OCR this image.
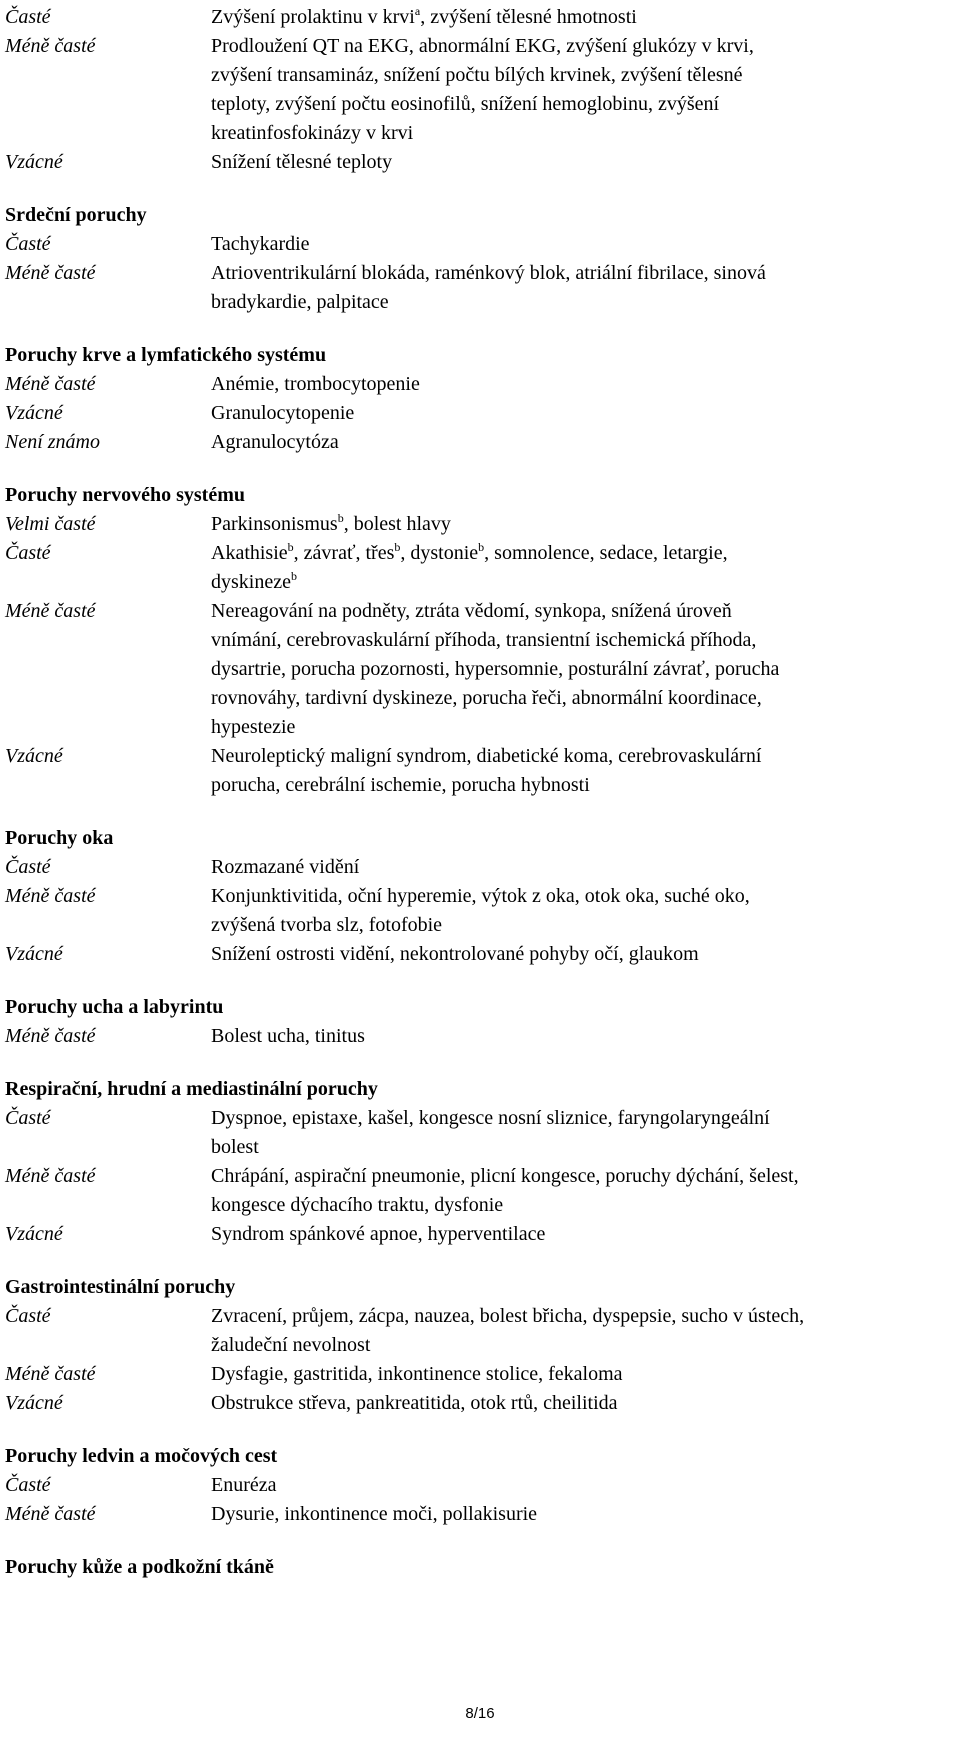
Časté	Zvýšení prolaktinu v krvi$^a$, zvýšení tělesné hmotnosti
Méně časté	Prodloužení QT na EKG, abnormální EKG, zvýšení glukózy v krvi,
zvýšení transamináz, snížení počtu bílých krvinek, zvýšení tělesné
teploty, zvýšení počtu eosinofilů, snížení hemoglobinu, zvýšení
kreatinfosfokinázy v krvi
Vzácné	Snížení tělesné teploty
Srdeční poruchy
Časté	Tachykardie
Méně časté	Atrioventrikulární blokáda, raménkový blok, atriální fibrilace, sinová
bradykardie, palpitace
Poruchy krve a lymfatického systému
Méně časté	Anémie, trombocytopenie
Vzácné	Granulocytopenie
Není známo	Agranulocytóza
Poruchy nervového systému
Velmi časté	Parkinsonismus$^b$, bolest hlavy
Časté	Akathisie$^b$, závrať, třes$^b$, dystonie$^b$, somnolence, sedace, letargie,
dyskineze$^b$
Méně časté	Nereagování na podněty, ztráta vědomí, synkopa, snížená úroveň
vnímání, cerebrovaskulární příhoda, transientní ischemická příhoda,
dysartrie, porucha pozornosti, hypersomnie, posturální závrať, porucha
rovnováhy, tardivní dyskineze, porucha řeči, abnormální koordinace,
hypestezie
Vzácné	Neuroleptický maligní syndrom, diabetické koma, cerebrovaskulární
porucha, cerebrální ischemie, porucha hybnosti
Poruchy oka
Časté	Rozmazané vidění
Méně časté	Konjunktivitida, oční hyperemie, výtok z oka, otok oka, suché oko,
zvýšená tvorba slz, fotofobie
Vzácné	Snížení ostrosti vidění, nekontrolované pohyby očí, glaukom
Poruchy ucha a labyrintu
Méně časté	Bolest ucha, tinitus
Respirační, hrudní a mediastinální poruchy
Časté	Dyspnoe, epistaxe, kašel, kongesce nosní sliznice, faryngolaryngeální
bolest
Méně časté	Chrápání, aspirační pneumonie, plicní kongesce, poruchy dýchání, šelest,
kongesce dýchacího traktu, dysfonie
Vzácné	Syndrom spánkové apnoe, hyperventilace
Gastrointestinální poruchy
Časté	Zvracení, průjem, zácpa, nauzea, bolest břicha, dyspepsie, sucho v ústech,
žaludeční nevolnost
Méně časté	Dysfagie, gastritida, inkontinence stolice, fekaloma
Vzácné	Obstrukce střeva, pankreatitida, otok rtů, cheilitida
Poruchy ledvin a močových cest
Časté	Enuréza
Méně časté	Dysurie, inkontinence moči, pollakisurie
Poruchy kůže a podkožní tkáně
8/16
